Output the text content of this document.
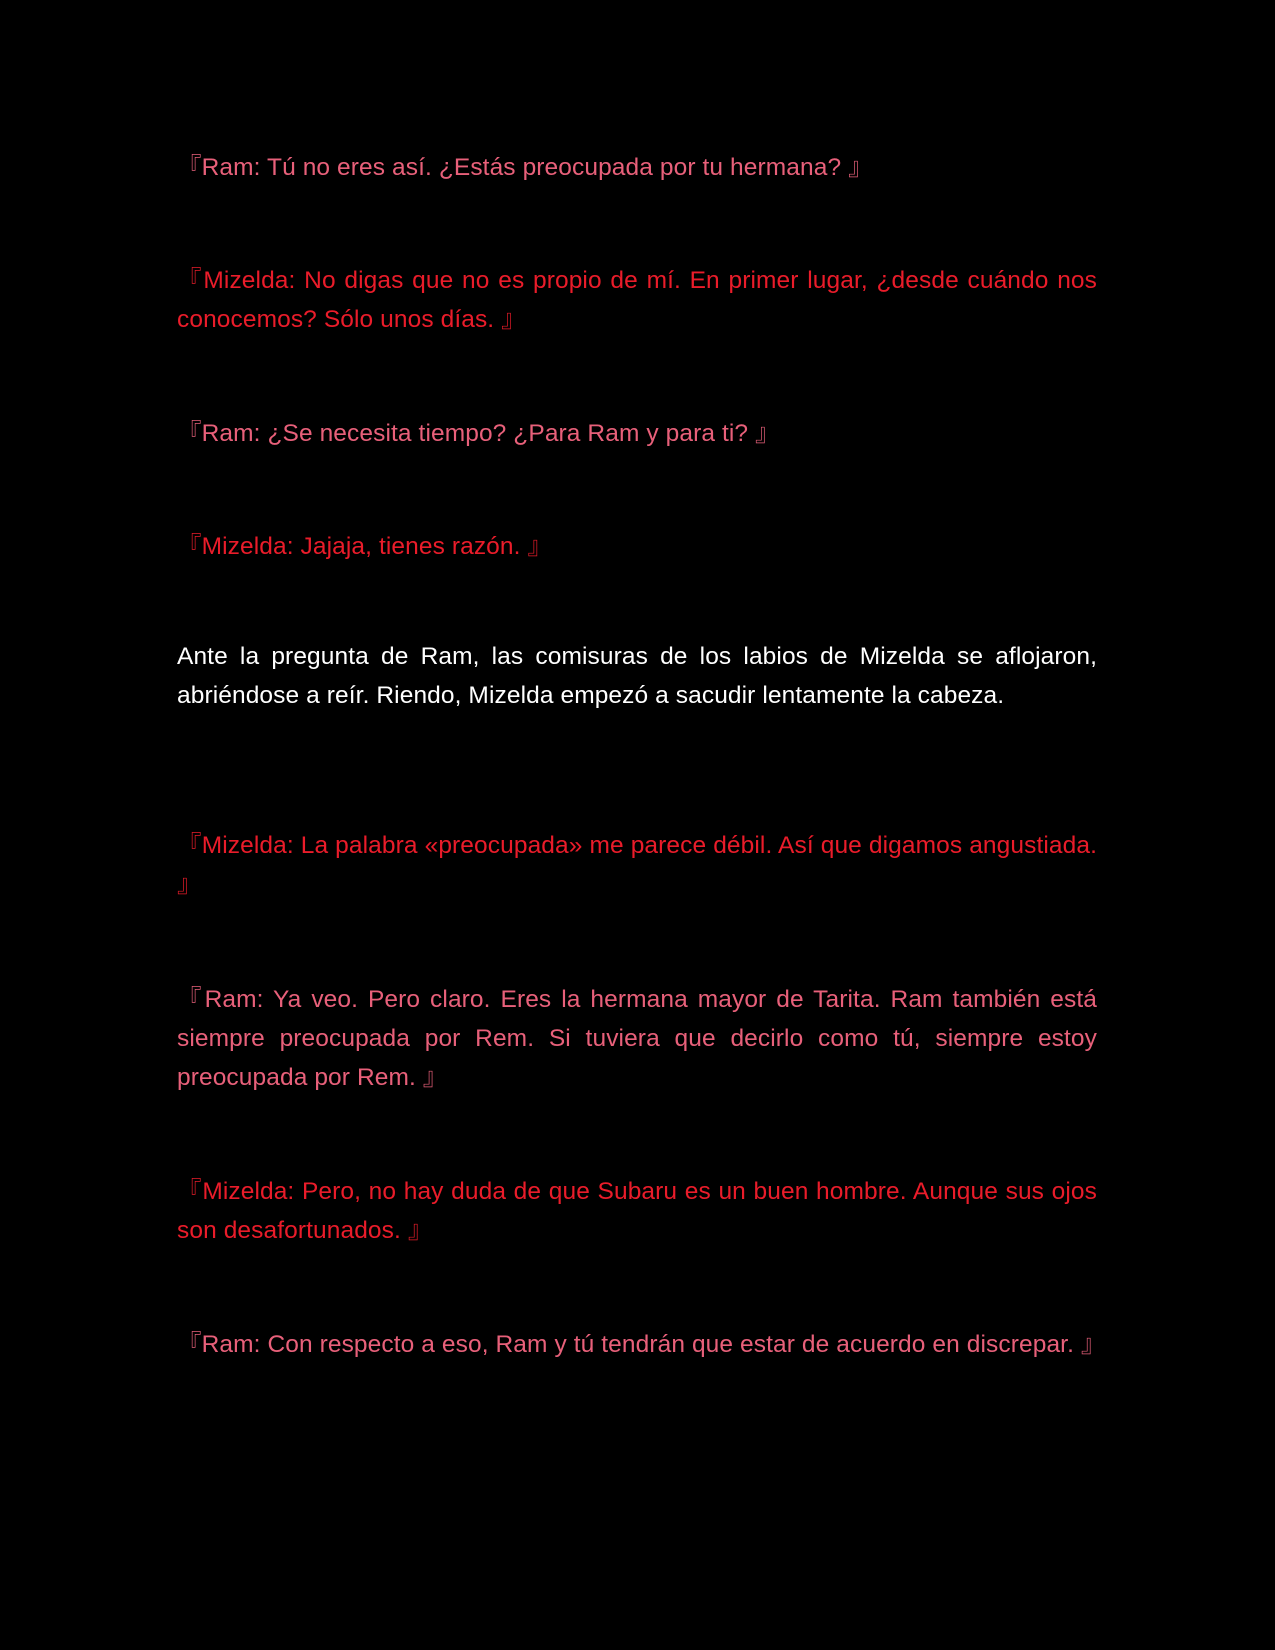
『Ram: Tú no eres así. ¿Estás preocupada por tu hermana? 』

『Mizelda: No digas que no es propio de mí. En primer lugar, ¿desde cuándo nos conocemos? Sólo unos días. 』

『Ram: ¿Se necesita tiempo? ¿Para Ram y para ti? 』

『Mizelda: Jajaja, tienes razón. 』

Ante la pregunta de Ram, las comisuras de los labios de Mizelda se aflojaron, abriéndose a reír. Riendo, Mizelda empezó a sacudir lentamente la cabeza.

『Mizelda: La palabra «preocupada» me parece débil. Así que digamos angustiada. 』

『Ram: Ya veo. Pero claro. Eres la hermana mayor de Tarita. Ram también está siempre preocupada por Rem. Si tuviera que decirlo como tú, siempre estoy preocupada por Rem. 』

『Mizelda: Pero, no hay duda de que Subaru es un buen hombre. Aunque sus ojos son desafortunados. 』

『Ram: Con respecto a eso, Ram y tú tendrán que estar de acuerdo en discrepar. 』
